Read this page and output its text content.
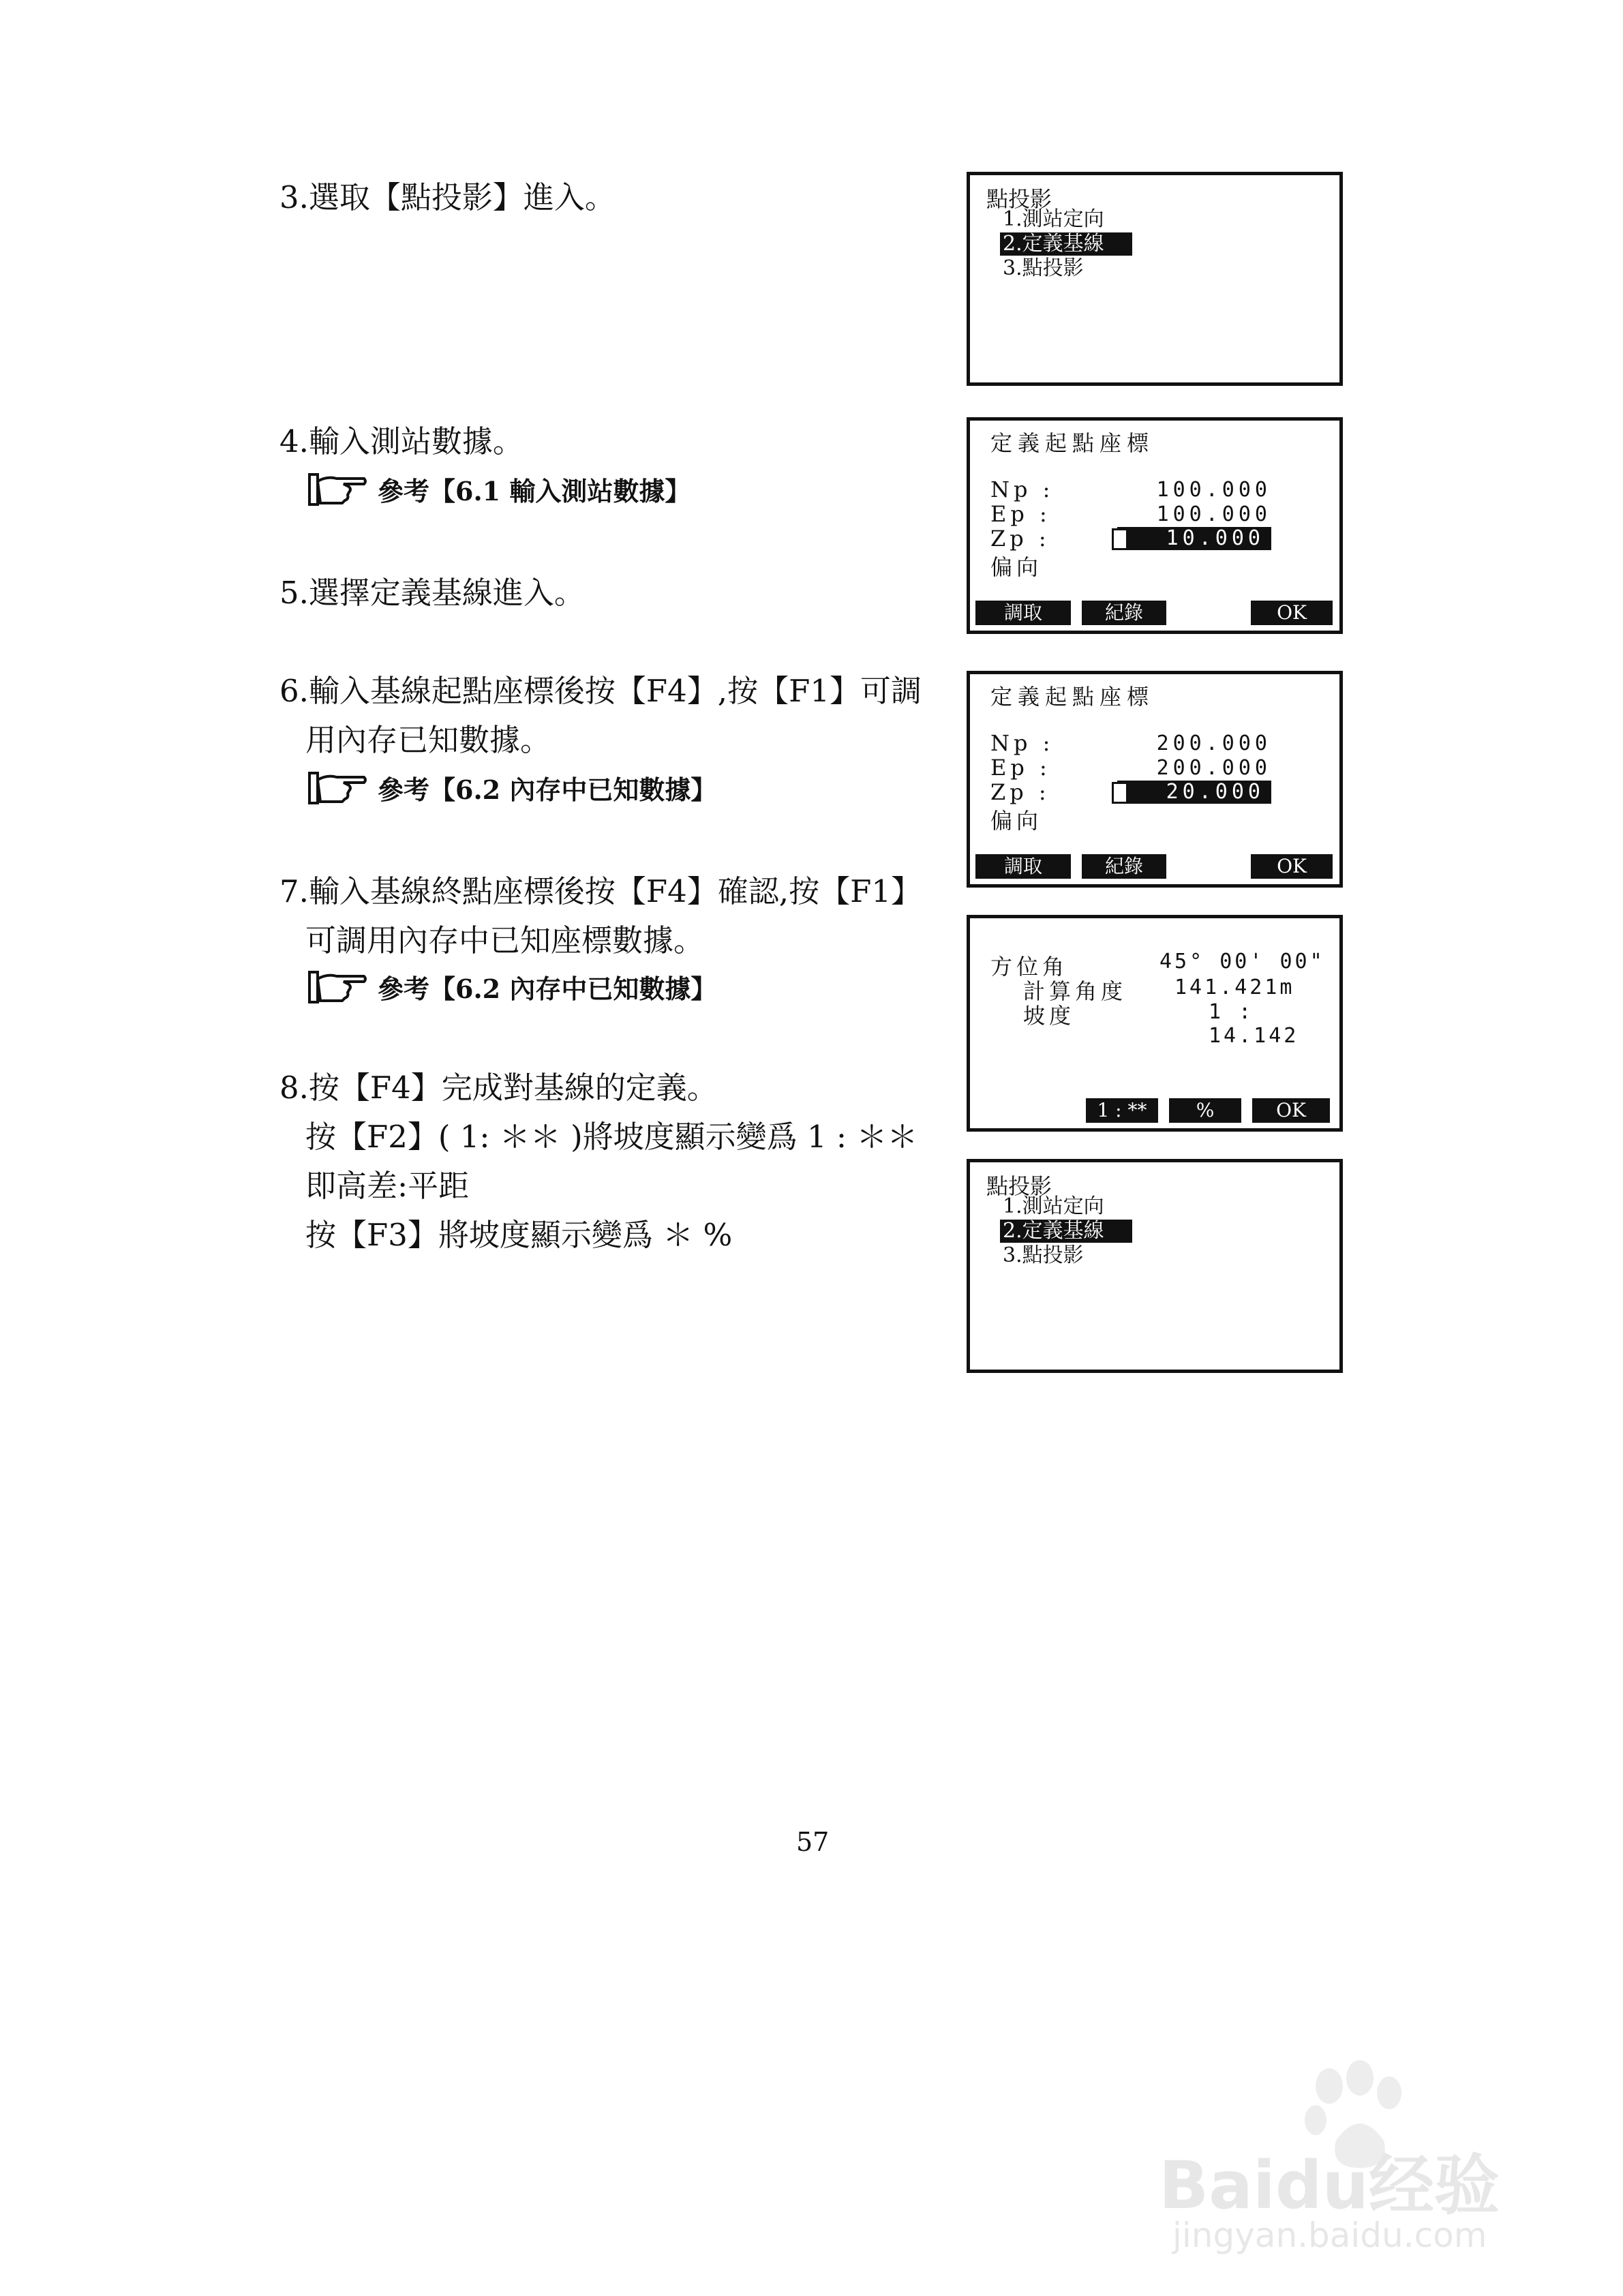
3.選取【點投影】進入。
4.輸入測站數據。
參考【6.1 輸入測站數據】
5.選擇定義基線進入。
6.輸入基線起點座標後按【F4】,按【F1】可調
用內存已知數據。
參考【6.2 內存中已知數據】
7.輸入基線終點座標後按【F4】確認,按【F1】
可調用內存中已知座標數據。
參考【6.2 內存中已知數據】
8.按【F4】完成對基線的定義。
按【F2】( 1: ＊＊ )將坡度顯示變爲 1 : ＊＊
即高差:平距
按【F3】將坡度顯示變爲 ＊ %
點投影
1.測站定向
2.定義基線
3.點投影
定義起點座標
Np :	100.000
Ep :	100.000
Zp :	10.000
偏向
調取	紀錄	OK
定義起點座標
Np :	200.000
Ep :	200.000
Zp :	20.000
偏向
調取	紀錄	OK
方位角	45° 00' 00"
計算角度 141.421m
坡度	1 : 14.142
1 : **	%	OK
點投影
1.測站定向
2.定義基線
3.點投影
57
Baidu经验
jingyan.baidu.com
